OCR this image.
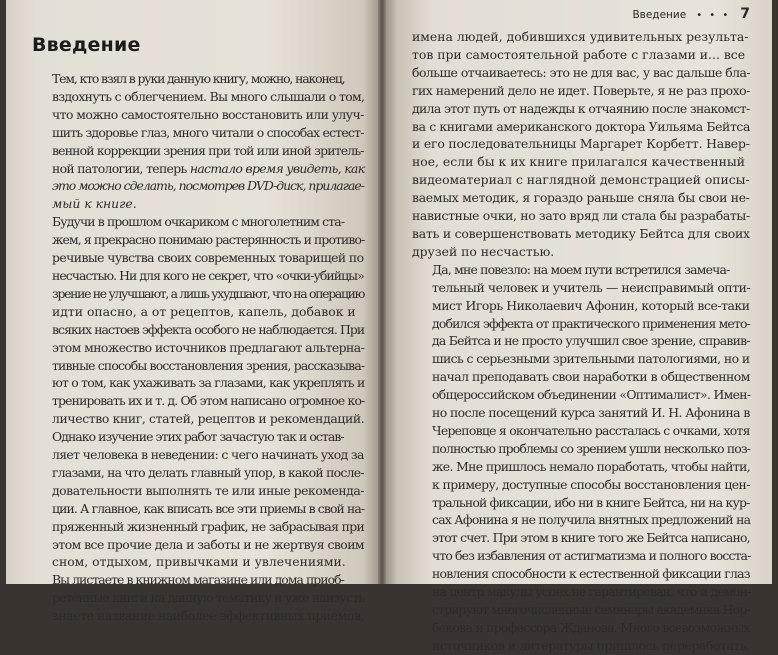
Введение

Тем, кто взял в руки данную книгу, можно, наконец,
вздохнуть с облегчением. Вы много слышали о том,
что можно самостоятельно восстановить или улуч-
шить здоровье глаз, много читали о способах естест-
венной коррекции зрения при той или иной зритель-
ной патологии, теперь настало время увидеть, как
это можно сделать, посмотрев DVD-диск, прилагае-
мый к книге.

Будучи в прошлом очкариком с многолетним ста-
жем, я прекрасно понимаю растерянность и противо-
речивые чувства своих современных товарищей по
несчастью. Ни для кого не секрет, что «очки-убийцы»
зрение не улучшают, а лишь ухудшают, что на операцию
идти опасно, а от рецептов, капель, добавок и
всяких настоев эффекта особого не наблюдается. При
этом множество источников предлагают альтерна-
тивные способы восстановления зрения, рассказыва-
ют о том, как ухаживать за глазами, как укреплять и
тренировать их и т. д. Об этом написано огромное ко-
личество книг, статей, рецептов и рекомендаций.

Однако изучение этих работ зачастую так и остав-
ляет человека в неведении: с чего начинать уход за
глазами, на что делать главный упор, в какой после-
довательности выполнять те или иные рекоменда-
ции. А главное, как вписать все эти приемы в свой на-
пряженный жизненный график, не забрасывая при
этом все прочие дела и заботы и не жертвуя своим
сном, отдыхом, привычками и увлечениями.

Вы листаете в книжном магазине или дома приоб-
ретенные книги на данную тематику и уже наизусть
знаете название наиболее эффективных приемов,

Введение • • • 7

имена людей, добившихся удивительных результа-
тов при самостоятельной работе с глазами и... все
больше отчаиваетесь: это не для вас, у вас дальше бла-
гих намерений дело не идет. Поверьте, я не раз прохо-
дила этот путь от надежды к отчаянию после знакомст-
ва с книгами американского доктора Уильяма Бейтса
и его последовательницы Маргарет Корбетт. Навер-
ное, если бы к их книге прилагался качественный
видеоматериал с наглядной демонстрацией описы-
ваемых методик, я гораздо раньше сняла бы свои не-
навистные очки, но зато вряд ли стала бы разрабаты-
вать и совершенствовать методику Бейтса для своих
друзей по несчастью.

Да, мне повезло: на моем пути встретился замеча-
тельный человек и учитель — неисправимый опти-
мист Игорь Николаевич Афонин, который все-таки
добился эффекта от практического применения мето-
да Бейтса и не просто улучшил свое зрение, справив-
шись с серьезными зрительными патологиями, но и
начал преподавать свои наработки в общественном
общероссийском объединении «Оптималист». Имен-
но после посещений курса занятий И. Н. Афонина в
Череповце я окончательно рассталась с очками, хотя
полностью проблемы со зрением ушли несколько поз-
же. Мне пришлось немало поработать, чтобы найти,
к примеру, доступные способы восстановления цен-
тральной фиксации, ибо ни в книге Бейтса, ни на кур-
сах Афонина я не получила внятных предложений на
этот счет. При этом в книге того же Бейтса написано,
что без избавления от астигматизма и полного восста-
новления способности к естественной фиксации глаз
на центр макулы успех не гарантирован, что и демон-
стрируют многочисленные семинары академика Нор-
бекова и профессора Жданова. Много всевозможных
источников и литературы пришлось переработать,
